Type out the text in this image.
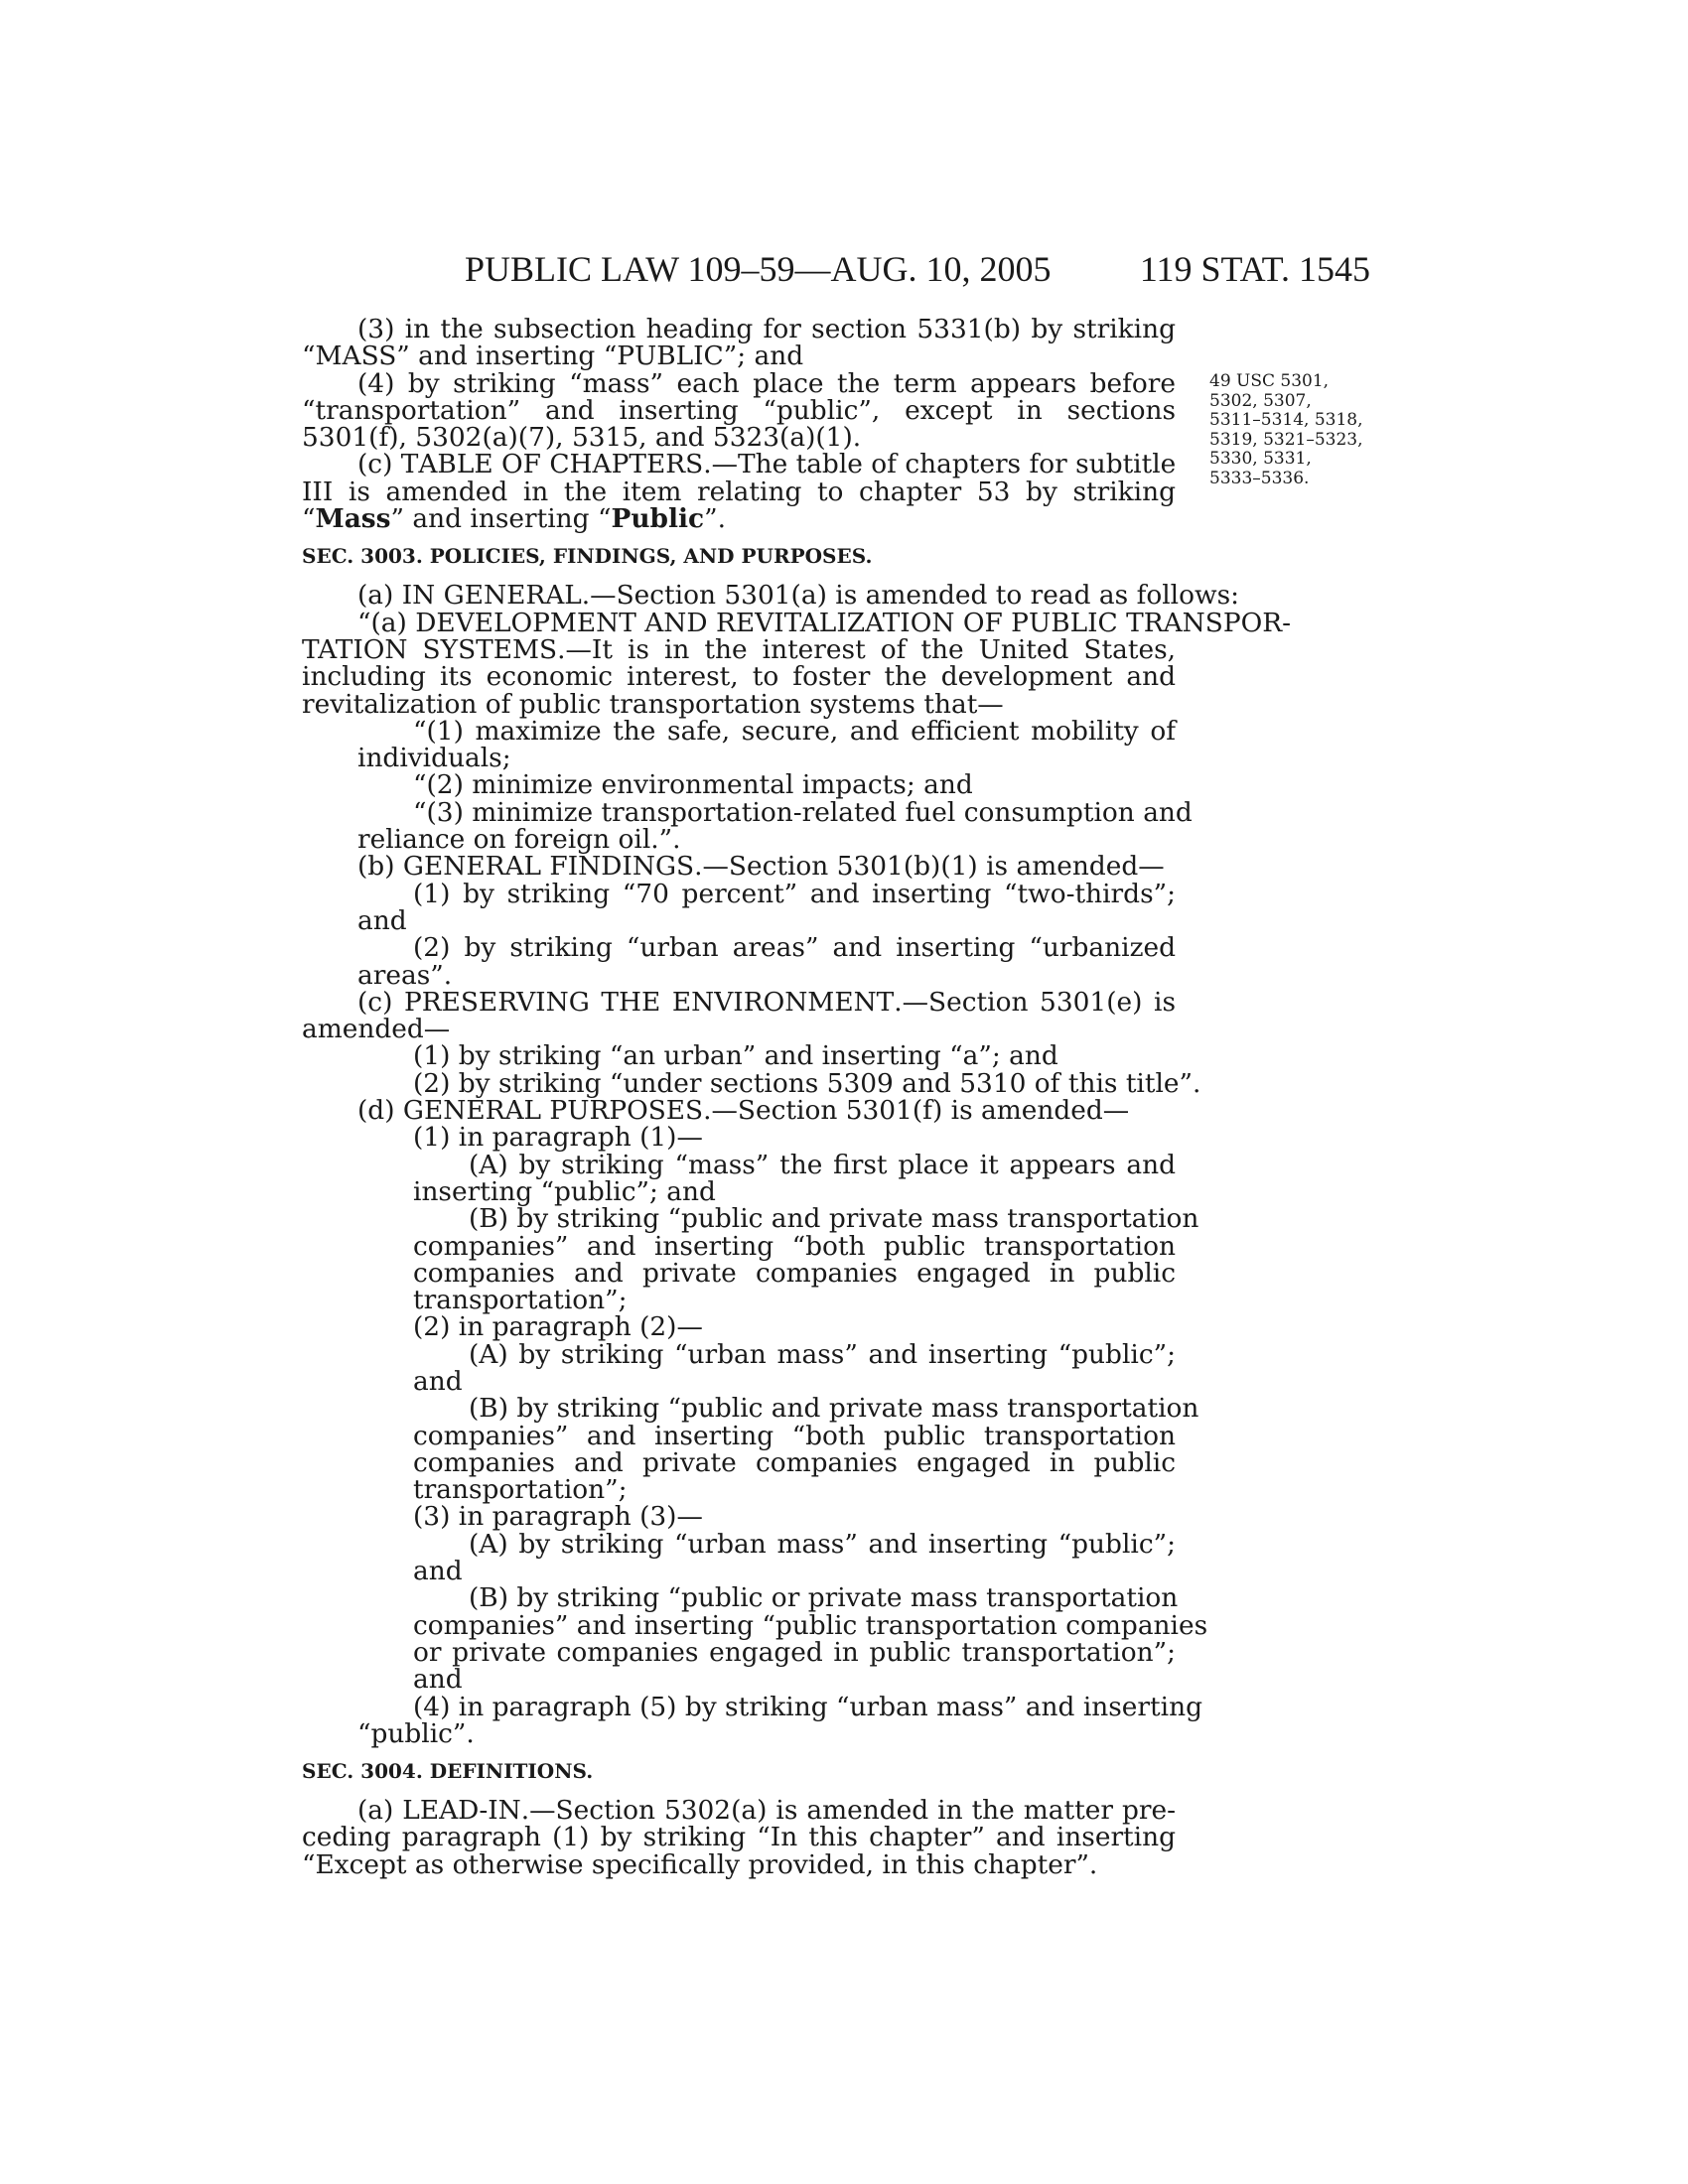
PUBLIC LAW 109–59—AUG. 10, 2005 119 STAT. 1545
49 USC 5301,
5302, 5307,
5311–5314, 5318,
5319, 5321–5323,
5330, 5331,
5333–5336.
(3) in the subsection heading for section 5331(b) by striking
“MASS” and inserting “PUBLIC”; and
(4) by striking “mass” each place the term appears before
“transportation” and inserting “public”, except in sections
5301(f), 5302(a)(7), 5315, and 5323(a)(1).
(c) TABLE OF CHAPTERS.—The table of chapters for subtitle
III is amended in the item relating to chapter 53 by striking
“Mass” and inserting “Public”.
SEC. 3003. POLICIES, FINDINGS, AND PURPOSES.
(a) IN GENERAL.—Section 5301(a) is amended to read as follows:
“(a) DEVELOPMENT AND REVITALIZATION OF PUBLIC TRANSPOR-
TATION SYSTEMS.—It is in the interest of the United States,
including its economic interest, to foster the development and
revitalization of public transportation systems that—
“(1) maximize the safe, secure, and efficient mobility of
individuals;
“(2) minimize environmental impacts; and
“(3) minimize transportation-related fuel consumption and
reliance on foreign oil.”.
(b) GENERAL FINDINGS.—Section 5301(b)(1) is amended—
(1) by striking “70 percent” and inserting “two-thirds”;
and
(2) by striking “urban areas” and inserting “urbanized
areas”.
(c) PRESERVING THE ENVIRONMENT.—Section 5301(e) is
amended—
(1) by striking “an urban” and inserting “a”; and
(2) by striking “under sections 5309 and 5310 of this title”.
(d) GENERAL PURPOSES.—Section 5301(f) is amended—
(1) in paragraph (1)—
(A) by striking “mass” the first place it appears and
inserting “public”; and
(B) by striking “public and private mass transportation
companies” and inserting “both public transportation
companies and private companies engaged in public
transportation”;
(2) in paragraph (2)—
(A) by striking “urban mass” and inserting “public”;
and
(B) by striking “public and private mass transportation
companies” and inserting “both public transportation
companies and private companies engaged in public
transportation”;
(3) in paragraph (3)—
(A) by striking “urban mass” and inserting “public”;
and
(B) by striking “public or private mass transportation
companies” and inserting “public transportation companies
or private companies engaged in public transportation”;
and
(4) in paragraph (5) by striking “urban mass” and inserting
“public”.
SEC. 3004. DEFINITIONS.
(a) LEAD-IN.—Section 5302(a) is amended in the matter pre-
ceding paragraph (1) by striking “In this chapter” and inserting
“Except as otherwise specifically provided, in this chapter”.
